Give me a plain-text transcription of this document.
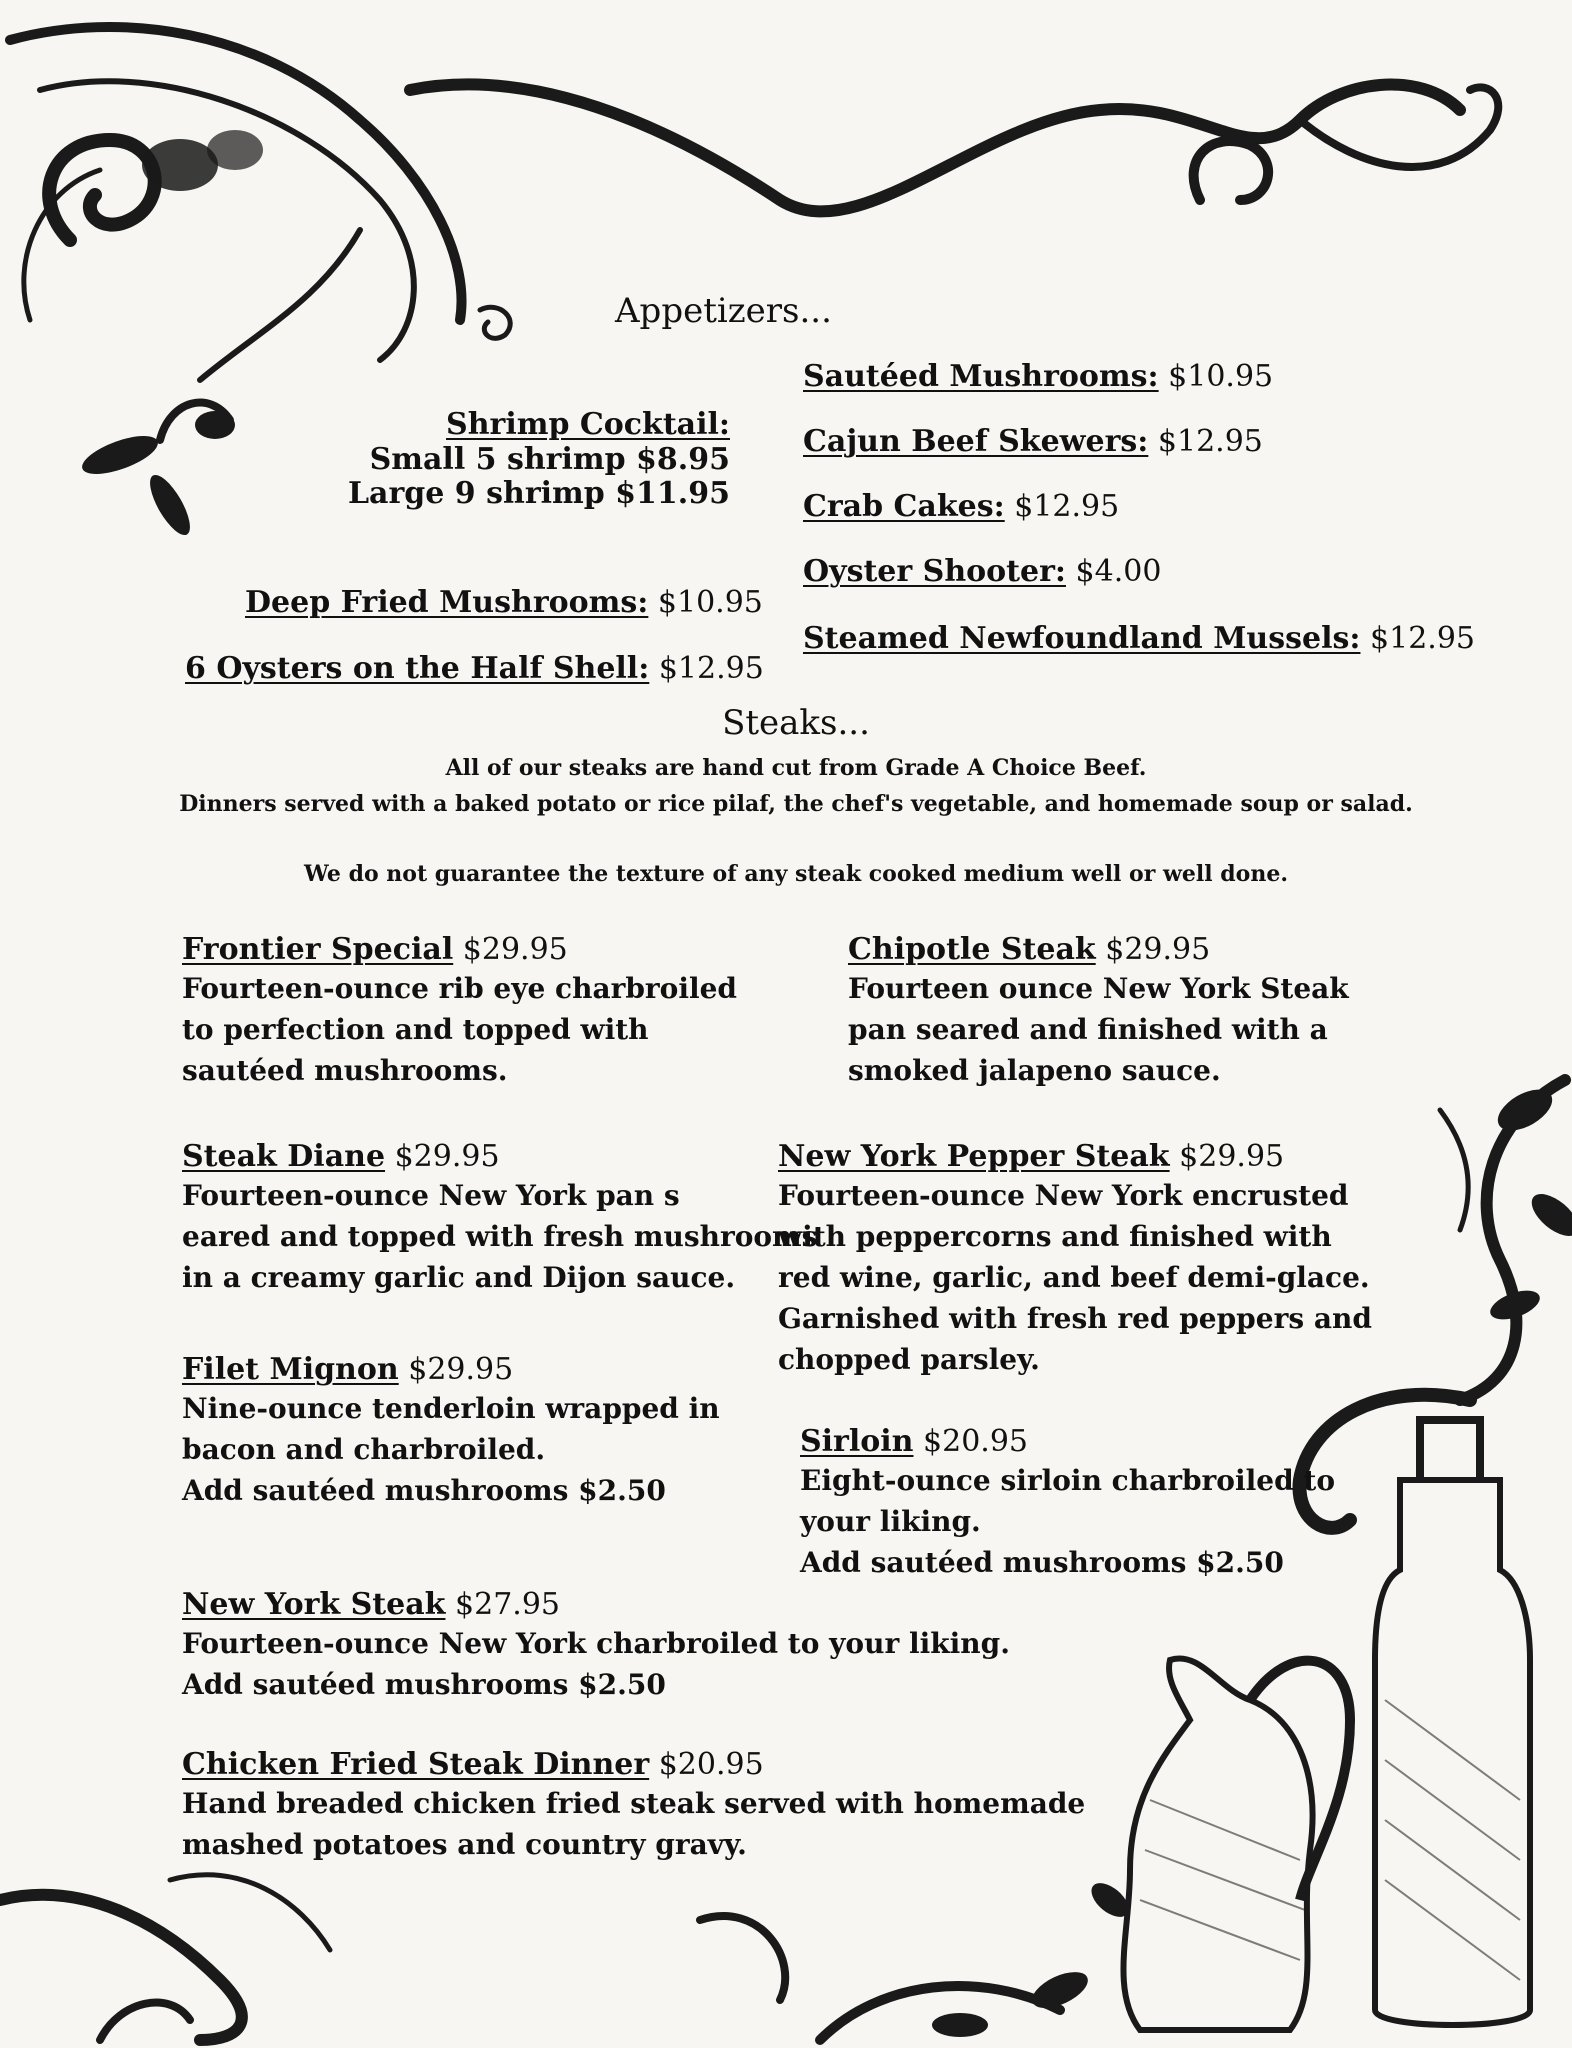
Appetizers...
Shrimp Cocktail:
Small 5 shrimp $8.95
Large 9 shrimp $11.95
Deep Fried Mushrooms: $10.95
6 Oysters on the Half Shell: $12.95
Sautéed Mushrooms: $10.95
Cajun Beef Skewers: $12.95
Crab Cakes: $12.95
Oyster Shooter: $4.00
Steamed Newfoundland Mussels: $12.95
Steaks...
All of our steaks are hand cut from Grade A Choice Beef.
Dinners served with a baked potato or rice pilaf, the chef's vegetable, and homemade soup or salad.
We do not guarantee the texture of any steak cooked medium well or well done.
Frontier Special $29.95
Fourteen-ounce rib eye charbroiled
to perfection and topped with
sautéed mushrooms.
Chipotle Steak $29.95
Fourteen ounce New York Steak
pan seared and finished with a
smoked jalapeno sauce.
Steak Diane $29.95
Fourteen-ounce New York pan s
eared and topped with fresh mushrooms
in a creamy garlic and Dijon sauce.
New York Pepper Steak $29.95
Fourteen-ounce New York encrusted
with peppercorns and finished with
red wine, garlic, and beef demi-glace.
Garnished with fresh red peppers and
chopped parsley.
Filet Mignon $29.95
Nine-ounce tenderloin wrapped in
bacon and charbroiled.
Add sautéed mushrooms $2.50
Sirloin $20.95
Eight-ounce sirloin charbroiled to
your liking.
Add sautéed mushrooms $2.50
New York Steak $27.95
Fourteen-ounce New York charbroiled to your liking.
Add sautéed mushrooms $2.50
Chicken Fried Steak Dinner $20.95
Hand breaded chicken fried steak served with homemade
mashed potatoes and country gravy.
